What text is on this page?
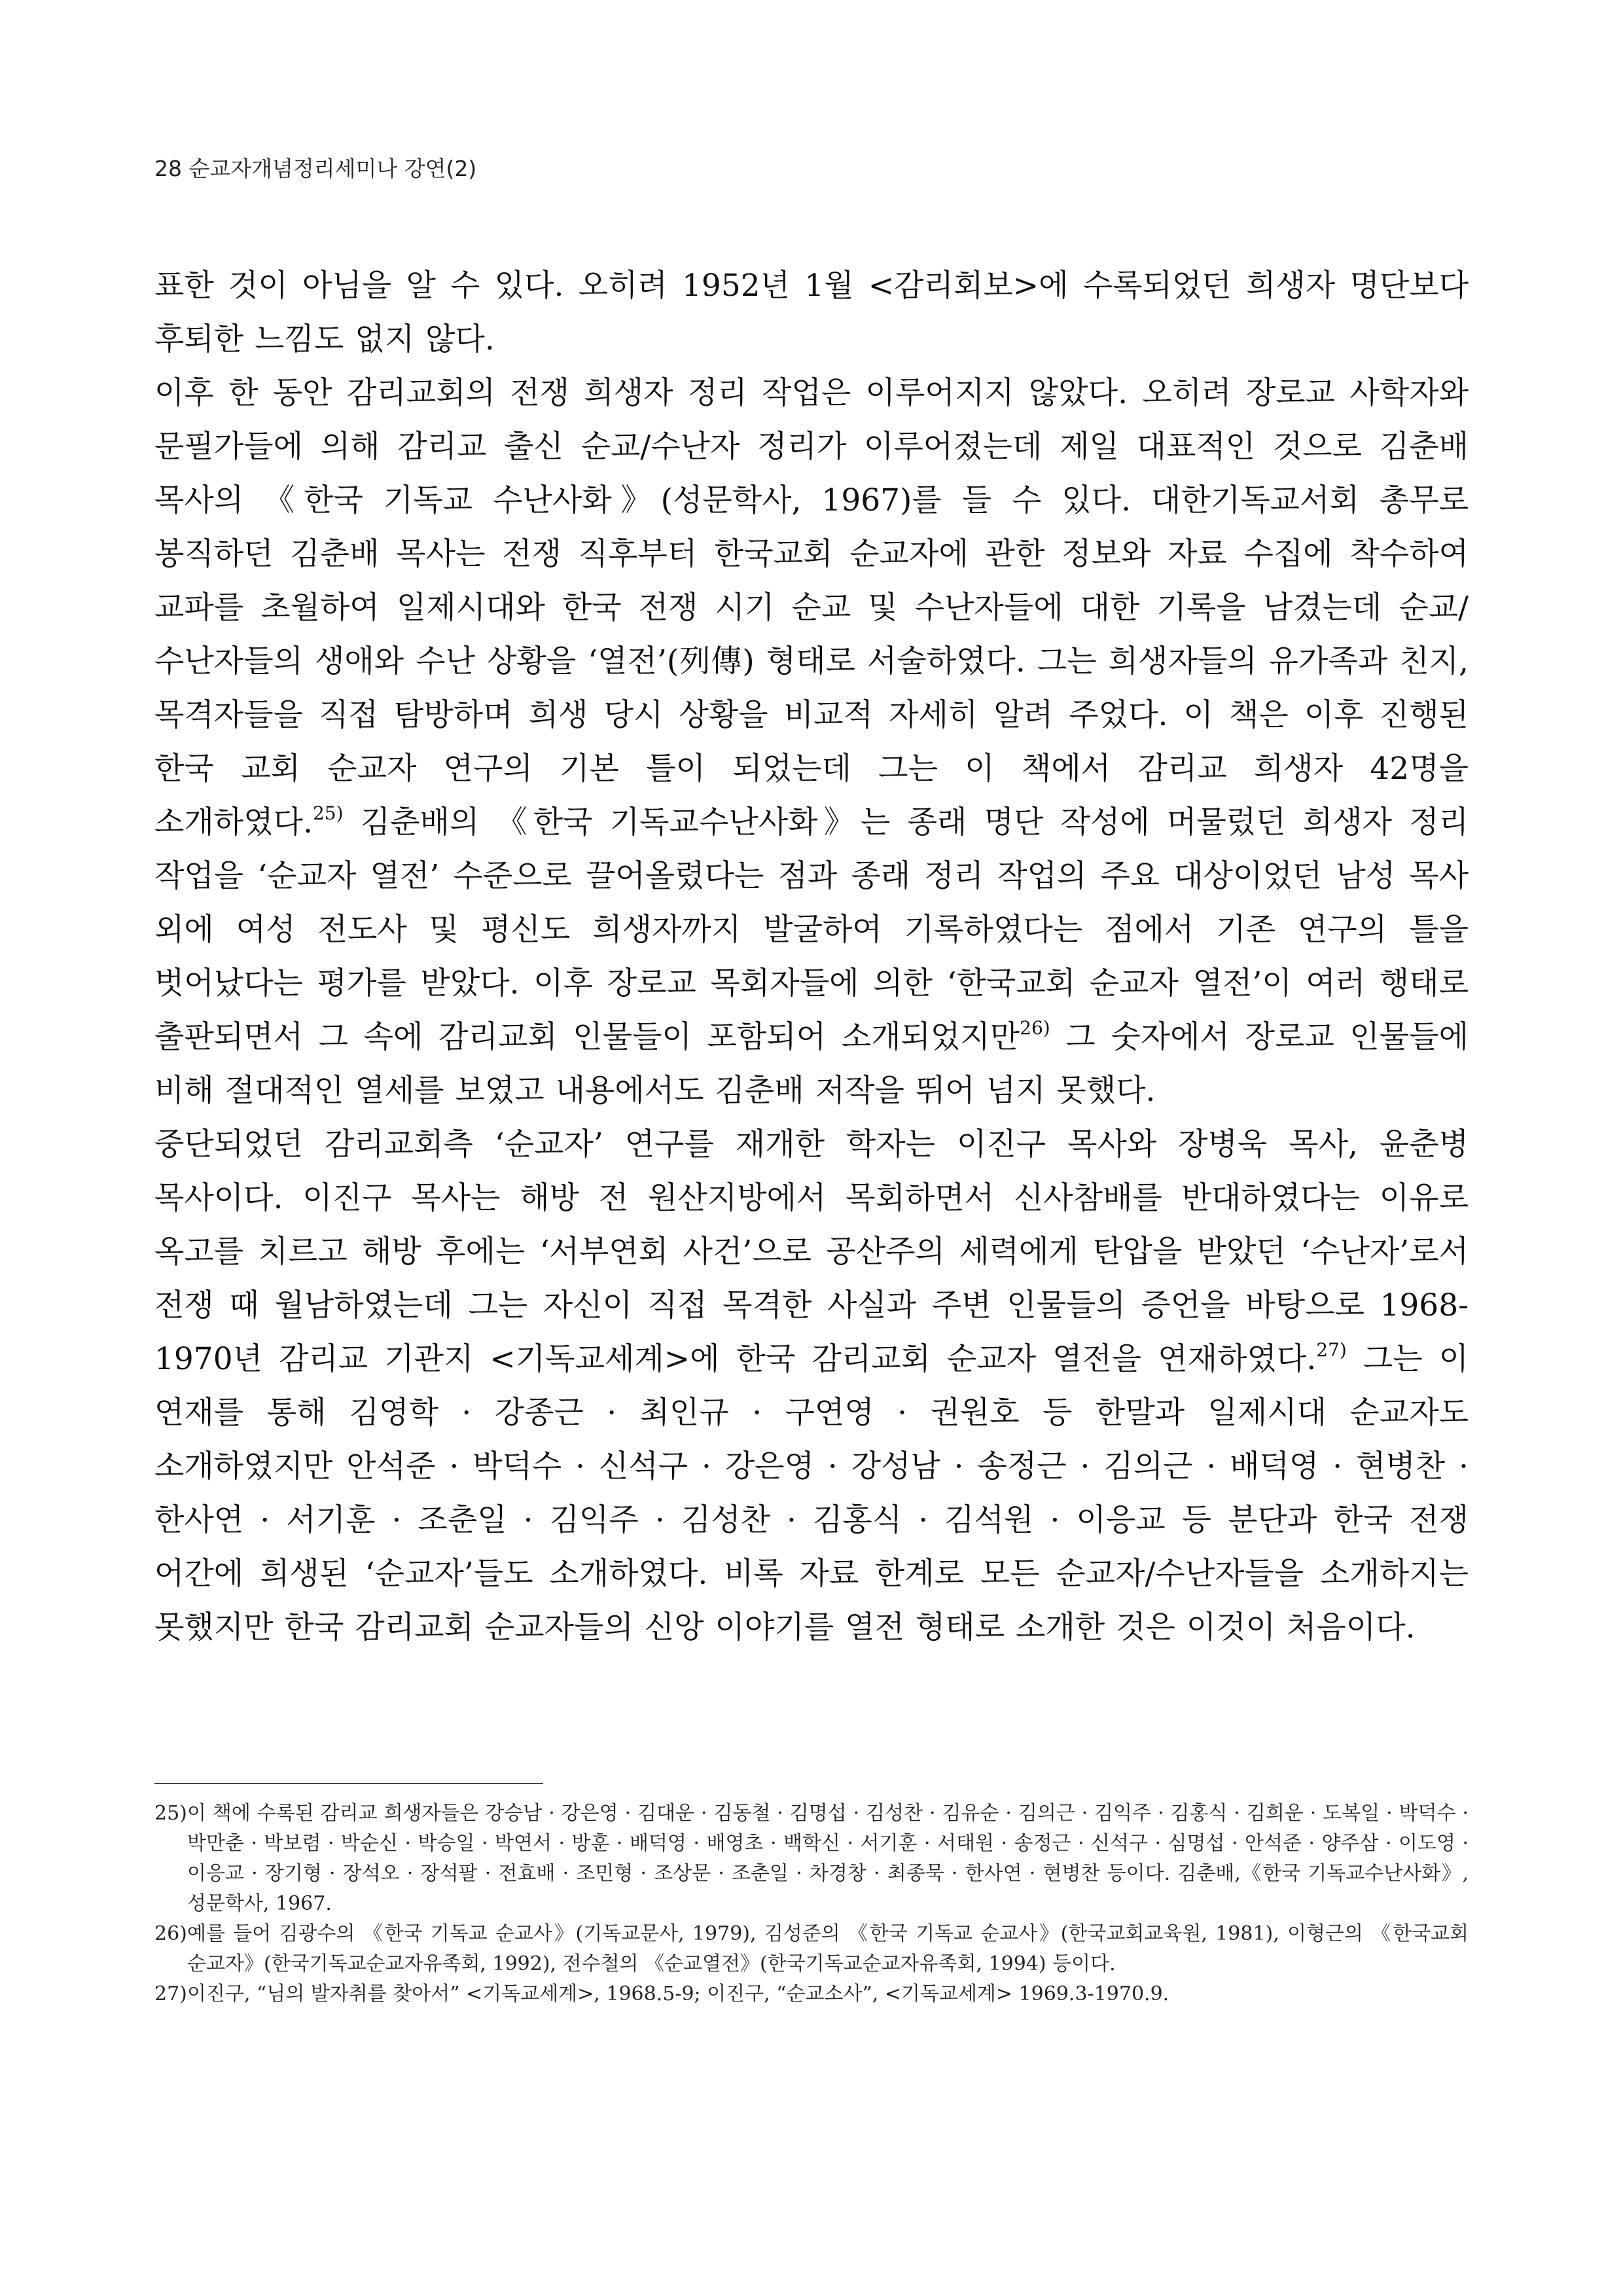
28 순교자개념정리세미나 강연(2)

표한 것이 아님을 알 수 있다. 오히려 1952년 1월 <감리회보>에 수록되었던 희생자 명단보다 후퇴한 느낌도 없지 않다.

이후 한 동안 감리교회의 전쟁 희생자 정리 작업은 이루어지지 않았다. 오히려 장로교 사학자와 문필가들에 의해 감리교 출신 순교/수난자 정리가 이루어졌는데 제일 대표적인 것으로 김춘배 목사의 《한국 기독교 수난사화》(성문학사, 1967)를 들 수 있다. 대한기독교서회 총무로 봉직하던 김춘배 목사는 전쟁 직후부터 한국교회 순교자에 관한 정보와 자료 수집에 착수하여 교파를 초월하여 일제시대와 한국 전쟁 시기 순교 및 수난자들에 대한 기록을 남겼는데 순교/수난자들의 생애와 수난 상황을 ‘열전’(列傳) 형태로 서술하였다. 그는 희생자들의 유가족과 친지, 목격자들을 직접 탐방하며 희생 당시 상황을 비교적 자세히 알려 주었다. 이 책은 이후 진행된 한국 교회 순교자 연구의 기본 틀이 되었는데 그는 이 책에서 감리교 희생자 42명을 소개하였다.$^{25)}$ 김춘배의 《한국 기독교수난사화》는 종래 명단 작성에 머물렀던 희생자 정리 작업을 ‘순교자 열전’ 수준으로 끌어올렸다는 점과 종래 정리 작업의 주요 대상이었던 남성 목사 외에 여성 전도사 및 평신도 희생자까지 발굴하여 기록하였다는 점에서 기존 연구의 틀을 벗어났다는 평가를 받았다. 이후 장로교 목회자들에 의한 ‘한국교회 순교자 열전’이 여러 행태로 출판되면서 그 속에 감리교회 인물들이 포함되어 소개되었지만$^{26)}$ 그 숫자에서 장로교 인물들에 비해 절대적인 열세를 보였고 내용에서도 김춘배 저작을 뛰어 넘지 못했다.

중단되었던 감리교회측 ‘순교자’ 연구를 재개한 학자는 이진구 목사와 장병욱 목사, 윤춘병 목사이다. 이진구 목사는 해방 전 원산지방에서 목회하면서 신사참배를 반대하였다는 이유로 옥고를 치르고 해방 후에는 ‘서부연회 사건’으로 공산주의 세력에게 탄압을 받았던 ‘수난자’로서 전쟁 때 월남하였는데 그는 자신이 직접 목격한 사실과 주변 인물들의 증언을 바탕으로 1968-1970년 감리교 기관지 <기독교세계>에 한국 감리교회 순교자 열전을 연재하였다.$^{27)}$ 그는 이 연재를 통해 김영학 · 강종근 · 최인규 · 구연영 · 권원호 등 한말과 일제시대 순교자도 소개하였지만 안석준 · 박덕수 · 신석구 · 강은영 · 강성남 · 송정근 · 김의근 · 배덕영 · 현병찬 · 한사연 · 서기훈 · 조춘일 · 김익주 · 김성찬 · 김홍식 · 김석원 · 이응교 등 분단과 한국 전쟁 어간에 희생된 ‘순교자’들도 소개하였다. 비록 자료 한계로 모든 순교자/수난자들을 소개하지는 못했지만 한국 감리교회 순교자들의 신앙 이야기를 열전 형태로 소개한 것은 이것이 처음이다.

25) 이 책에 수록된 감리교 희생자들은 강승남 · 강은영 · 김대운 · 김동철 · 김명섭 · 김성찬 · 김유순 · 김의근 · 김익주 · 김홍식 · 김희운 · 도복일 · 박덕수 · 박만춘 · 박보렴 · 박순신 · 박승일 · 박연서 · 방훈 · 배덕영 · 배영초 · 백학신 · 서기훈 · 서태원 · 송정근 · 신석구 · 심명섭 · 안석준 · 양주삼 · 이도영 · 이응교 · 장기형 · 장석오 · 장석팔 · 전효배 · 조민형 · 조상문 · 조춘일 · 차경창 · 최종묵 · 한사연 · 현병찬 등이다. 김춘배,《한국 기독교수난사화》, 성문학사, 1967.

26) 예를 들어 김광수의 《한국 기독교 순교사》(기독교문사, 1979), 김성준의 《한국 기독교 순교사》(한국교회교육원, 1981), 이형근의 《한국교회 순교자》(한국기독교순교자유족회, 1992), 전수철의 《순교열전》(한국기독교순교자유족회, 1994) 등이다.

27) 이진구, “님의 발자취를 찾아서” <기독교세계>, 1968.5-9; 이진구, “순교소사”, <기독교세계> 1969.3-1970.9.
